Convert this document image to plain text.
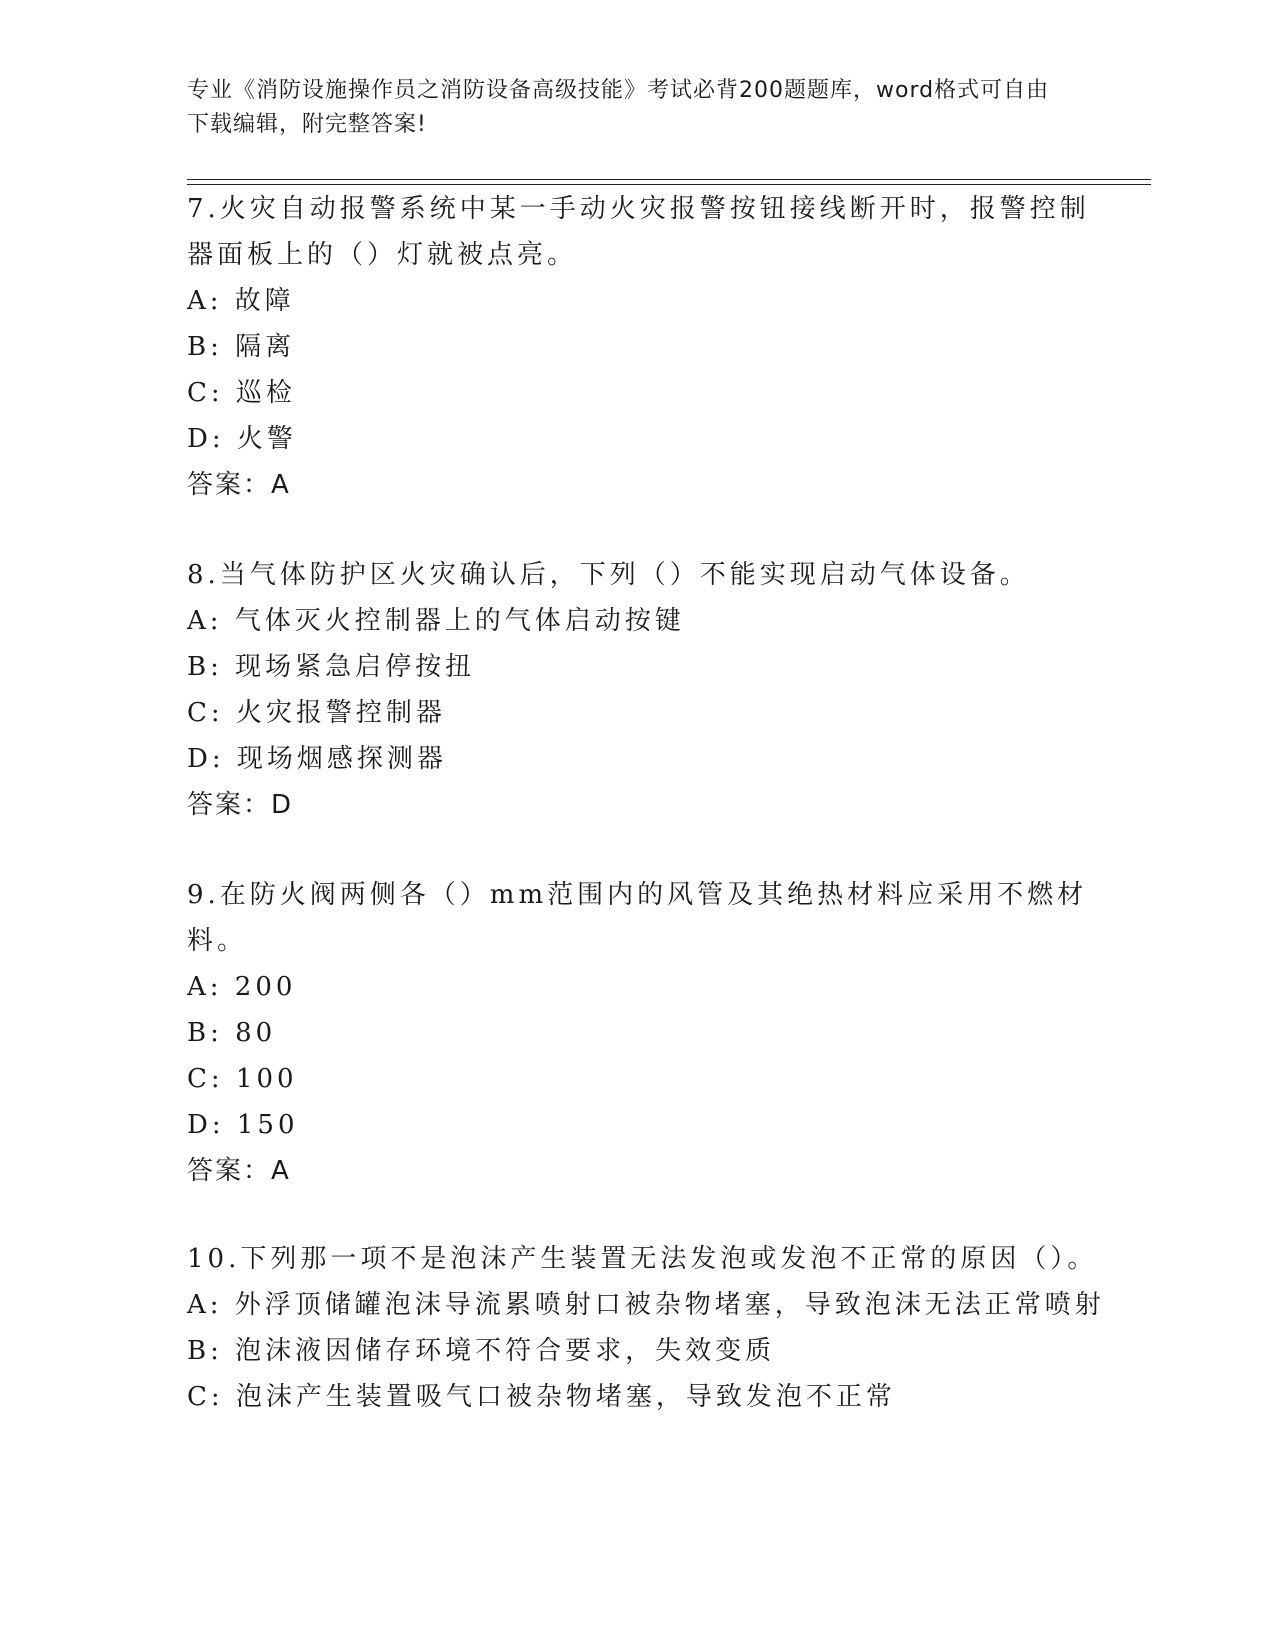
专业《消防设施操作员之消防设备高级技能》考试必背200题题库，word格式可自由下载编辑，附完整答案!

7.火灾自动报警系统中某一手动火灾报警按钮接线断开时，报警控制器面板上的（）灯就被点亮。

A: 故障

B: 隔离

C: 巡检

D: 火警

答案：A

8.当气体防护区火灾确认后，下列（）不能实现启动气体设备。

A: 气体灭火控制器上的气体启动按键

B: 现场紧急启停按扭

C: 火灾报警控制器

D: 现场烟感探测器

答案：D

9.在防火阀两侧各（）mm范围内的风管及其绝热材料应采用不燃材料。

A: 200

B: 80

C: 100

D: 150

答案：A

10.下列那一项不是泡沫产生装置无法发泡或发泡不正常的原因（）。

A: 外浮顶储罐泡沫导流累喷射口被杂物堵塞，导致泡沫无法正常喷射

B: 泡沫液因储存环境不符合要求，失效变质

C: 泡沫产生装置吸气口被杂物堵塞，导致发泡不正常
